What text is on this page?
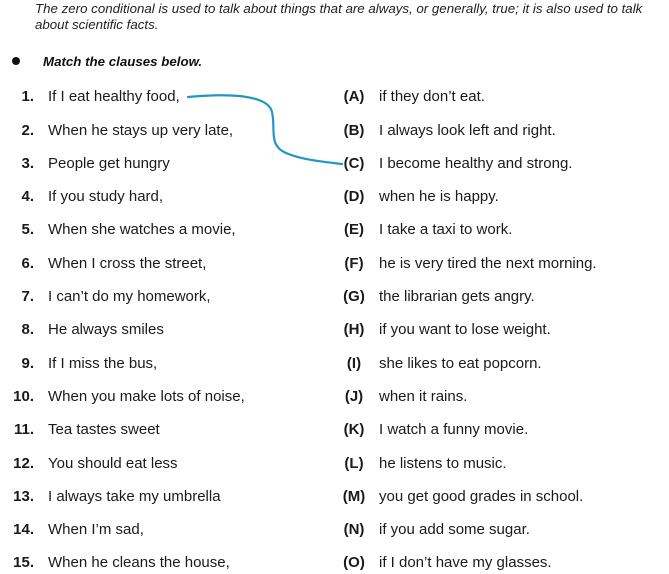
The zero conditional is used to talk about things that are always, or generally, true; it is also used to talk about scientific facts.
Match the clauses below.
1. If I eat healthy food,	(A) if they don’t eat.
2. When he stays up very late,	(B) I always look left and right.
3. People get hungry	(C) I become healthy and strong.
4. If you study hard,	(D) when he is happy.
5. When she watches a movie,	(E) I take a taxi to work.
6. When I cross the street,	(F) he is very tired the next morning.
7. I can’t do my homework,	(G) the librarian gets angry.
8. He always smiles	(H) if you want to lose weight.
9. If I miss the bus,	(I)	she likes to eat popcorn.
10. When you make lots of noise,	(J)	when it rains.
11. Tea tastes sweet	(K) I watch a funny movie.
12. You should eat less	(L) he listens to music.
13. I always take my umbrella	(M) you get good grades in school.
14. When I’m sad,	(N) if you add some sugar.
15. When he cleans the house,	(O) if I don’t have my glasses.
